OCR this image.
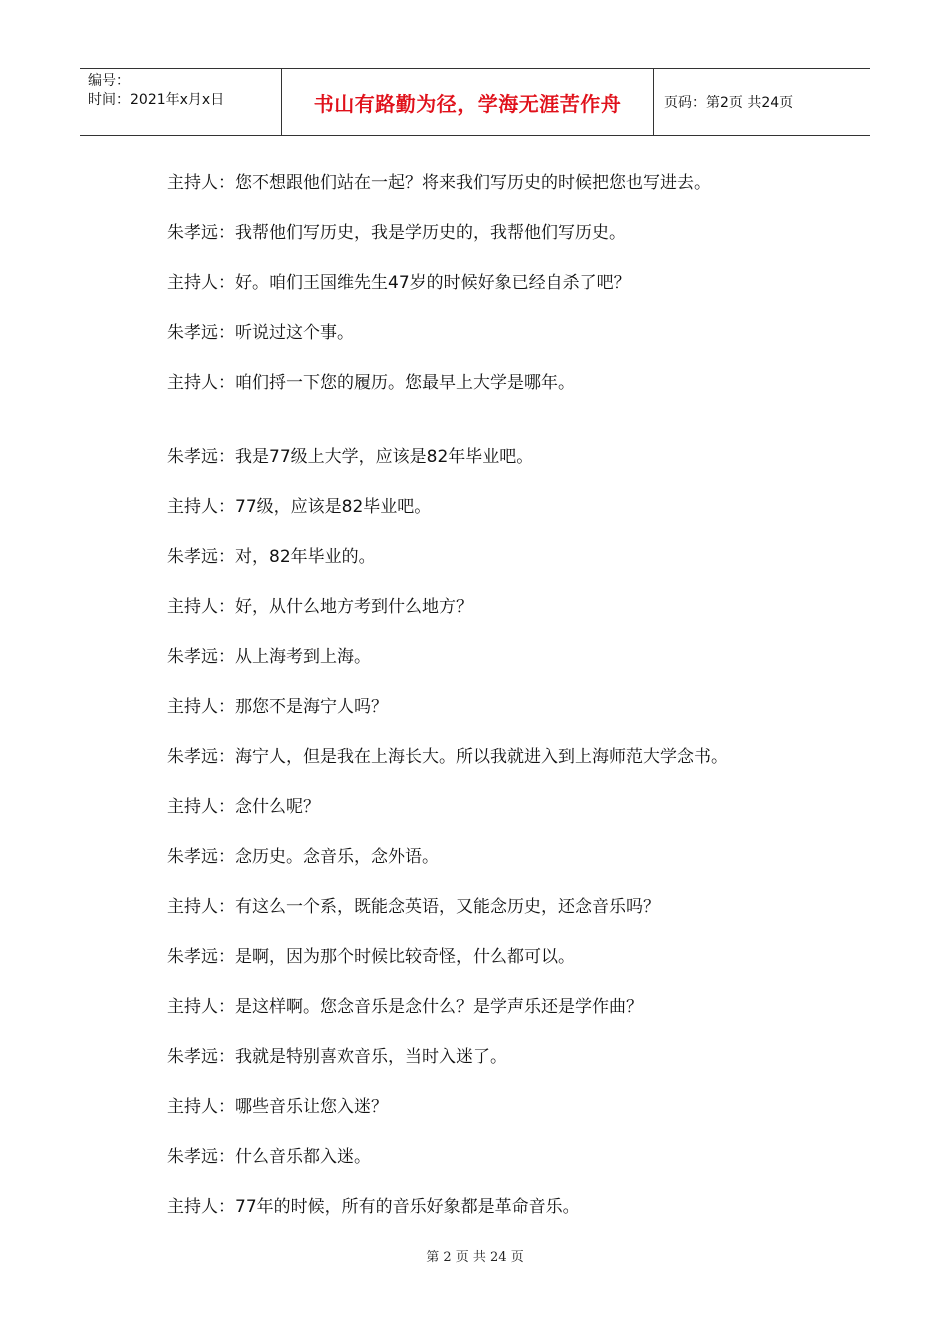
编号：
时间：2021年x月x日	书山有路勤为径，学海无涯苦作舟	页码：第2页 共24页
主持人：您不想跟他们站在一起？将来我们写历史的时候把您也写进去。
朱孝远：我帮他们写历史，我是学历史的，我帮他们写历史。
主持人：好。咱们王国维先生47岁的时候好象已经自杀了吧？
朱孝远：听说过这个事。
主持人：咱们捋一下您的履历。您最早上大学是哪年。
朱孝远：我是77级上大学，应该是82年毕业吧。
主持人：77级，应该是82毕业吧。
朱孝远：对，82年毕业的。
主持人：好，从什么地方考到什么地方？
朱孝远：从上海考到上海。
主持人：那您不是海宁人吗？
朱孝远：海宁人，但是我在上海长大。所以我就进入到上海师范大学念书。
主持人：念什么呢？
朱孝远：念历史。念音乐，念外语。
主持人：有这么一个系，既能念英语，又能念历史，还念音乐吗？
朱孝远：是啊，因为那个时候比较奇怪，什么都可以。
主持人：是这样啊。您念音乐是念什么？是学声乐还是学作曲？
朱孝远：我就是特别喜欢音乐，当时入迷了。
主持人：哪些音乐让您入迷？
朱孝远：什么音乐都入迷。
主持人：77年的时候，所有的音乐好象都是革命音乐。
第 2 页 共 24 页
